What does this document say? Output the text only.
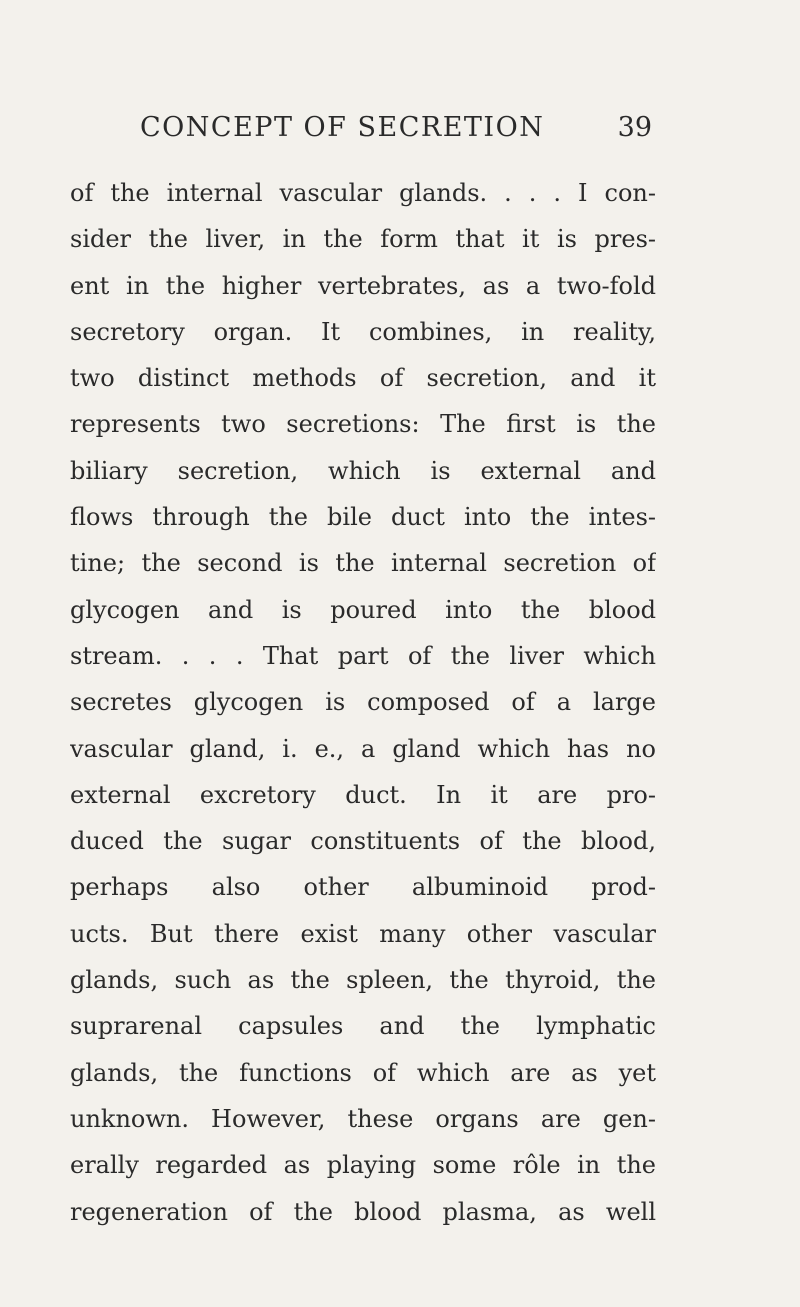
CONCEPT OF SECRETION	39
of the internal vascular glands. . . . I con-
sider the liver, in the form that it is pres-
ent in the higher vertebrates, as a two-fold
secretory organ. It combines, in reality,
two distinct methods of secretion, and it
represents two secretions: The first is the
biliary secretion, which is external and
flows through the bile duct into the intes-
tine; the second is the internal secretion of
glycogen and is poured into the blood
stream. . . . That part of the liver which
secretes glycogen is composed of a large
vascular gland, i. e., a gland which has no
external excretory duct. In it are pro-
duced the sugar constituents of the blood,
perhaps also other albuminoid prod-
ucts. But there exist many other vascular
glands, such as the spleen, the thyroid, the
suprarenal capsules and the lymphatic
glands, the functions of which are as yet
unknown. However, these organs are gen-
erally regarded as playing some rôle in the
regeneration of the blood plasma, as well
